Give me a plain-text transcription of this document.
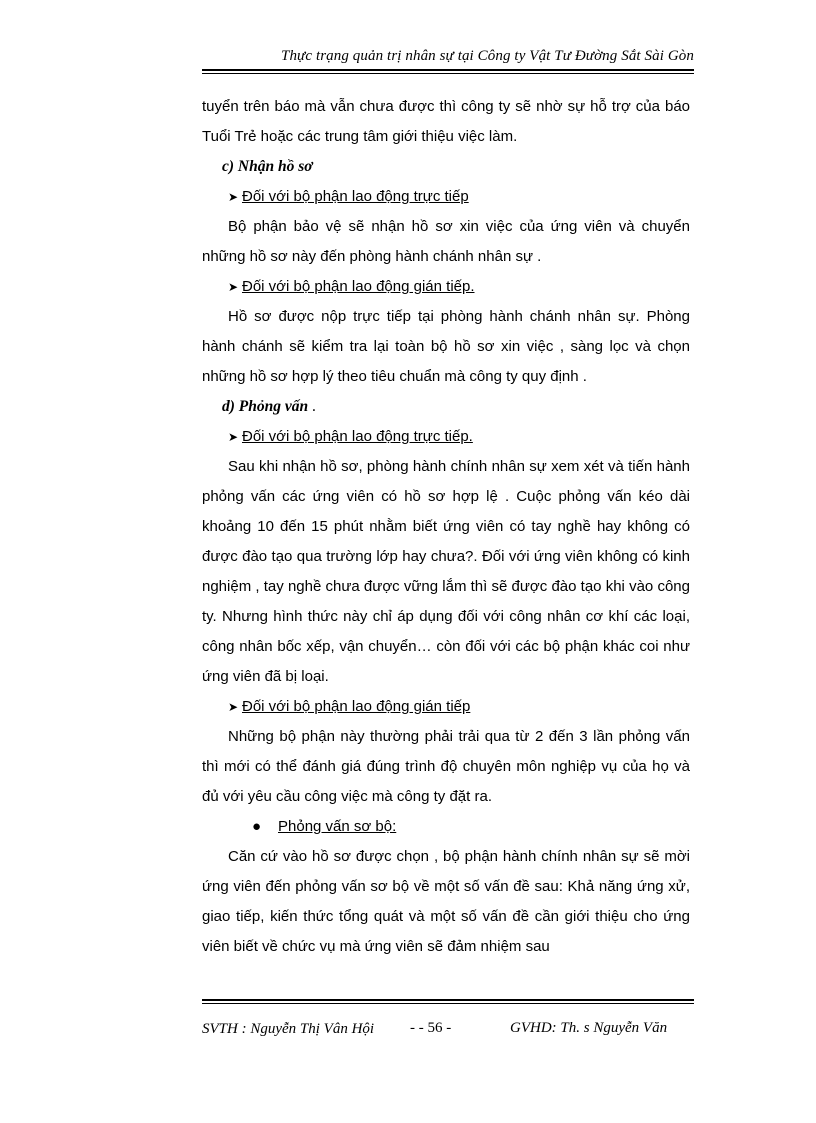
Thực trạng quản trị nhân sự tại Công ty Vật Tư Đường Sắt Sài Gòn

tuyển trên báo mà vẫn chưa được thì công ty sẽ nhờ sự hỗ trợ của báo Tuổi Trẻ hoặc các trung tâm giới thiệu việc làm.

c) Nhận hồ sơ

➤ Đối với bộ phận lao động trực tiếp

Bộ phận bảo vệ sẽ nhận hồ sơ xin việc của ứng viên và chuyển những hồ sơ này đến phòng hành chánh nhân sự .

➤ Đối với bộ phận lao động gián tiếp.

Hồ sơ được nộp trực tiếp tại phòng hành chánh nhân sự. Phòng hành chánh sẽ kiểm tra lại toàn bộ hồ sơ xin việc , sàng lọc và chọn những hồ sơ hợp lý theo tiêu chuẩn mà công ty quy định .

d) Phỏng vấn .

➤ Đối với bộ phận lao động trực tiếp.

Sau khi nhận hồ sơ, phòng hành chính nhân sự xem xét và tiến hành phỏng vấn các ứng viên có hồ sơ hợp lệ . Cuộc phỏng vấn kéo dài khoảng 10 đến 15 phút nhằm biết ứng viên có tay nghề hay không có được đào tạo qua trường lớp hay chưa?. Đối với ứng viên không có kinh nghiệm , tay nghề chưa được vững lắm thì sẽ được đào tạo khi vào công ty. Nhưng hình thức này chỉ áp dụng đối với công nhân cơ khí các loại, công nhân bốc xếp, vận chuyển… còn đối với các bộ phận khác coi như ứng viên đã bị loại.

➤ Đối với bộ phận lao động gián tiếp

Những bộ phận này thường phải trải qua từ 2 đến 3 lần phỏng vấn thì mới có thể đánh giá đúng trình độ chuyên môn nghiệp vụ của họ và đủ với yêu cầu công việc mà công ty đặt ra.

● Phỏng vấn sơ bộ:

Căn cứ vào hồ sơ được chọn , bộ phận hành chính nhân sự sẽ mời ứng viên đến phỏng vấn sơ bộ về một số vấn đề sau: Khả năng ứng xử, giao tiếp, kiến thức tổng quát và một số vấn đề cần giới thiệu cho ứng viên biết về chức vụ mà ứng viên sẽ đảm nhiệm sau

SVTH : Nguyễn Thị Vân Hội	- - 56 -	GVHD: Th. s Nguyễn Văn
